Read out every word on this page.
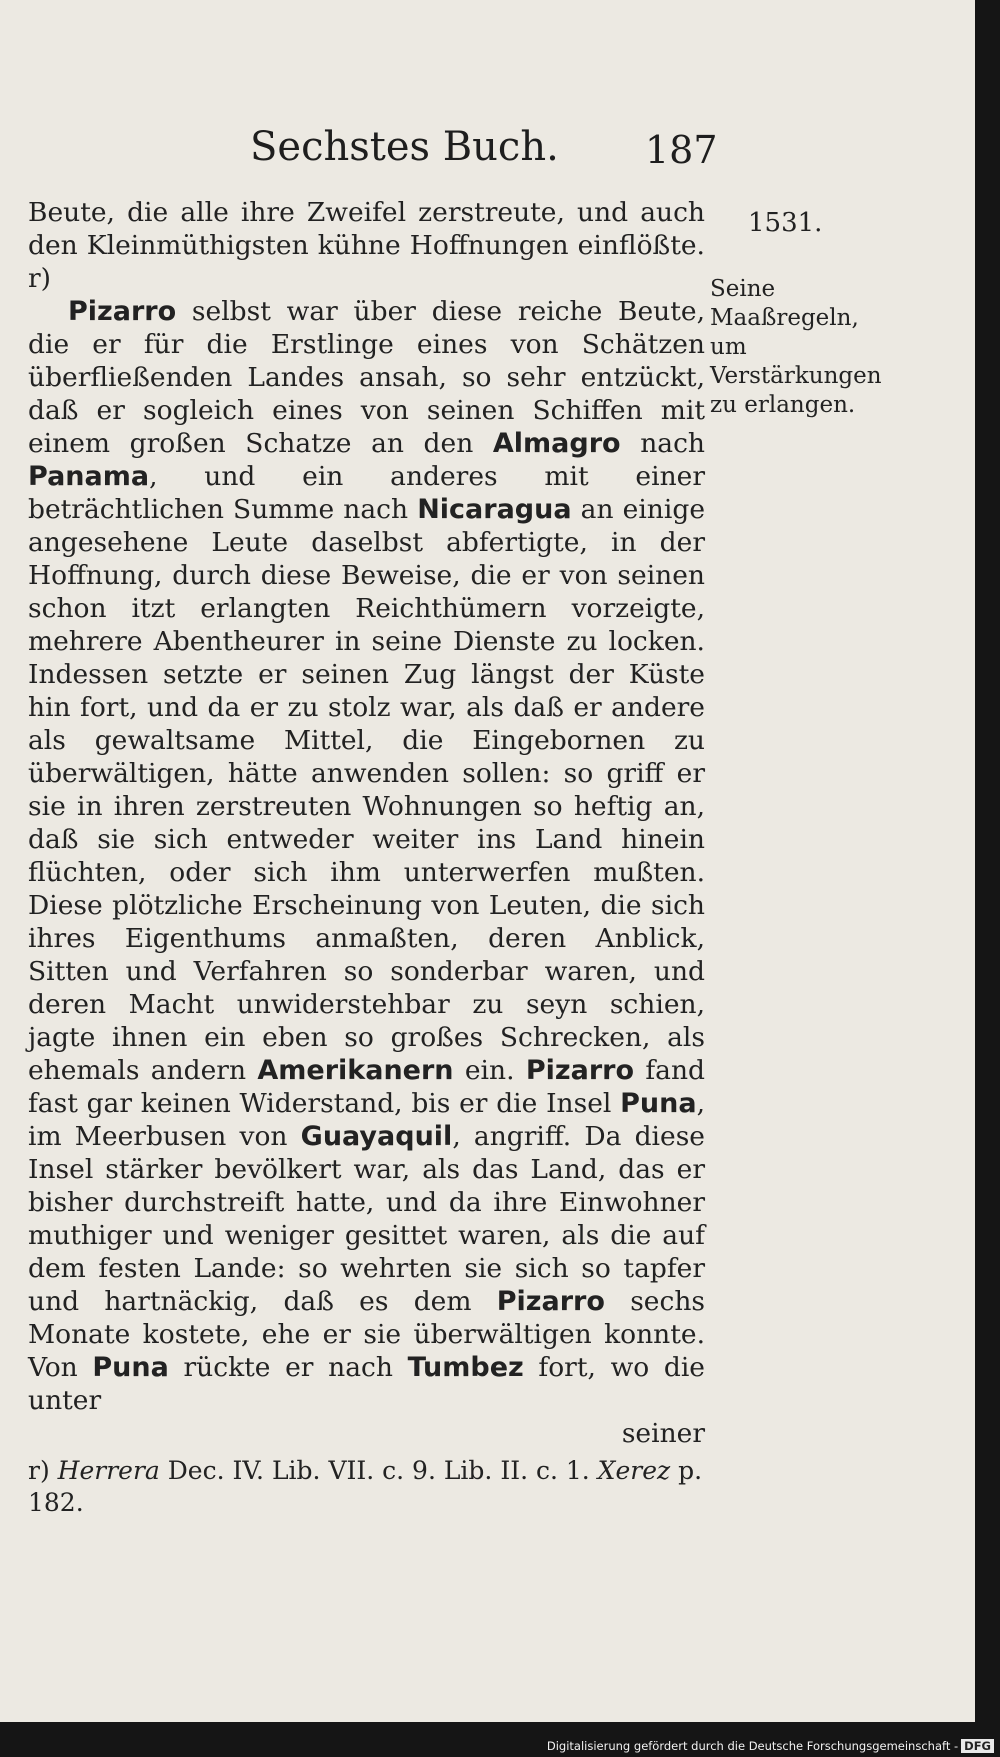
Sechstes Buch. 187
1531.
Seine Maaßregeln, um Verstärkungen zu erlangen.

Beute, die alle ihre Zweifel zerstreute, und auch den Kleinmüthigsten kühne Hoffnungen einflößte. r)

Pizarro selbst war über diese reiche Beute, die er für die Erstlinge eines von Schätzen überfließenden Landes ansah, so sehr entzückt, daß er sogleich eines von seinen Schiffen mit einem großen Schatze an den Almagro nach Panama, und ein anderes mit einer beträchtlichen Summe nach Nicaragua an einige angesehene Leute daselbst abfertigte, in der Hoffnung, durch diese Beweise, die er von seinen schon itzt erlangten Reichthümern vorzeigte, mehrere Abentheurer in seine Dienste zu locken. Indessen setzte er seinen Zug längst der Küste hin fort, und da er zu stolz war, als daß er andere als gewaltsame Mittel, die Eingebornen zu überwältigen, hätte anwenden sollen: so griff er sie in ihren zerstreuten Wohnungen so heftig an, daß sie sich entweder weiter ins Land hinein flüchten, oder sich ihm unterwerfen mußten. Diese plötzliche Erscheinung von Leuten, die sich ihres Eigenthums anmaßten, deren Anblick, Sitten und Verfahren so sonderbar waren, und deren Macht unwiderstehbar zu seyn schien, jagte ihnen ein eben so großes Schrecken, als ehemals andern Amerikanern ein. Pizarro fand fast gar keinen Widerstand, bis er die Insel Puna, im Meerbusen von Guayaquil, angriff. Da diese Insel stärker bevölkert war, als das Land, das er bisher durchstreift hatte, und da ihre Einwohner muthiger und weniger gesittet waren, als die auf dem festen Lande: so wehrten sie sich so tapfer und hartnäckig, daß es dem Pizarro sechs Monate kostete, ehe er sie überwältigen konnte. Von Puna rückte er nach Tumbez fort, wo die unter

seiner

r) Herrera Dec. IV. Lib. VII. c. 9. Lib. II. c. 1. Xerez p. 182.
Digitalisierung gefördert durch die Deutsche Forschungsgemeinschaft - DFG
